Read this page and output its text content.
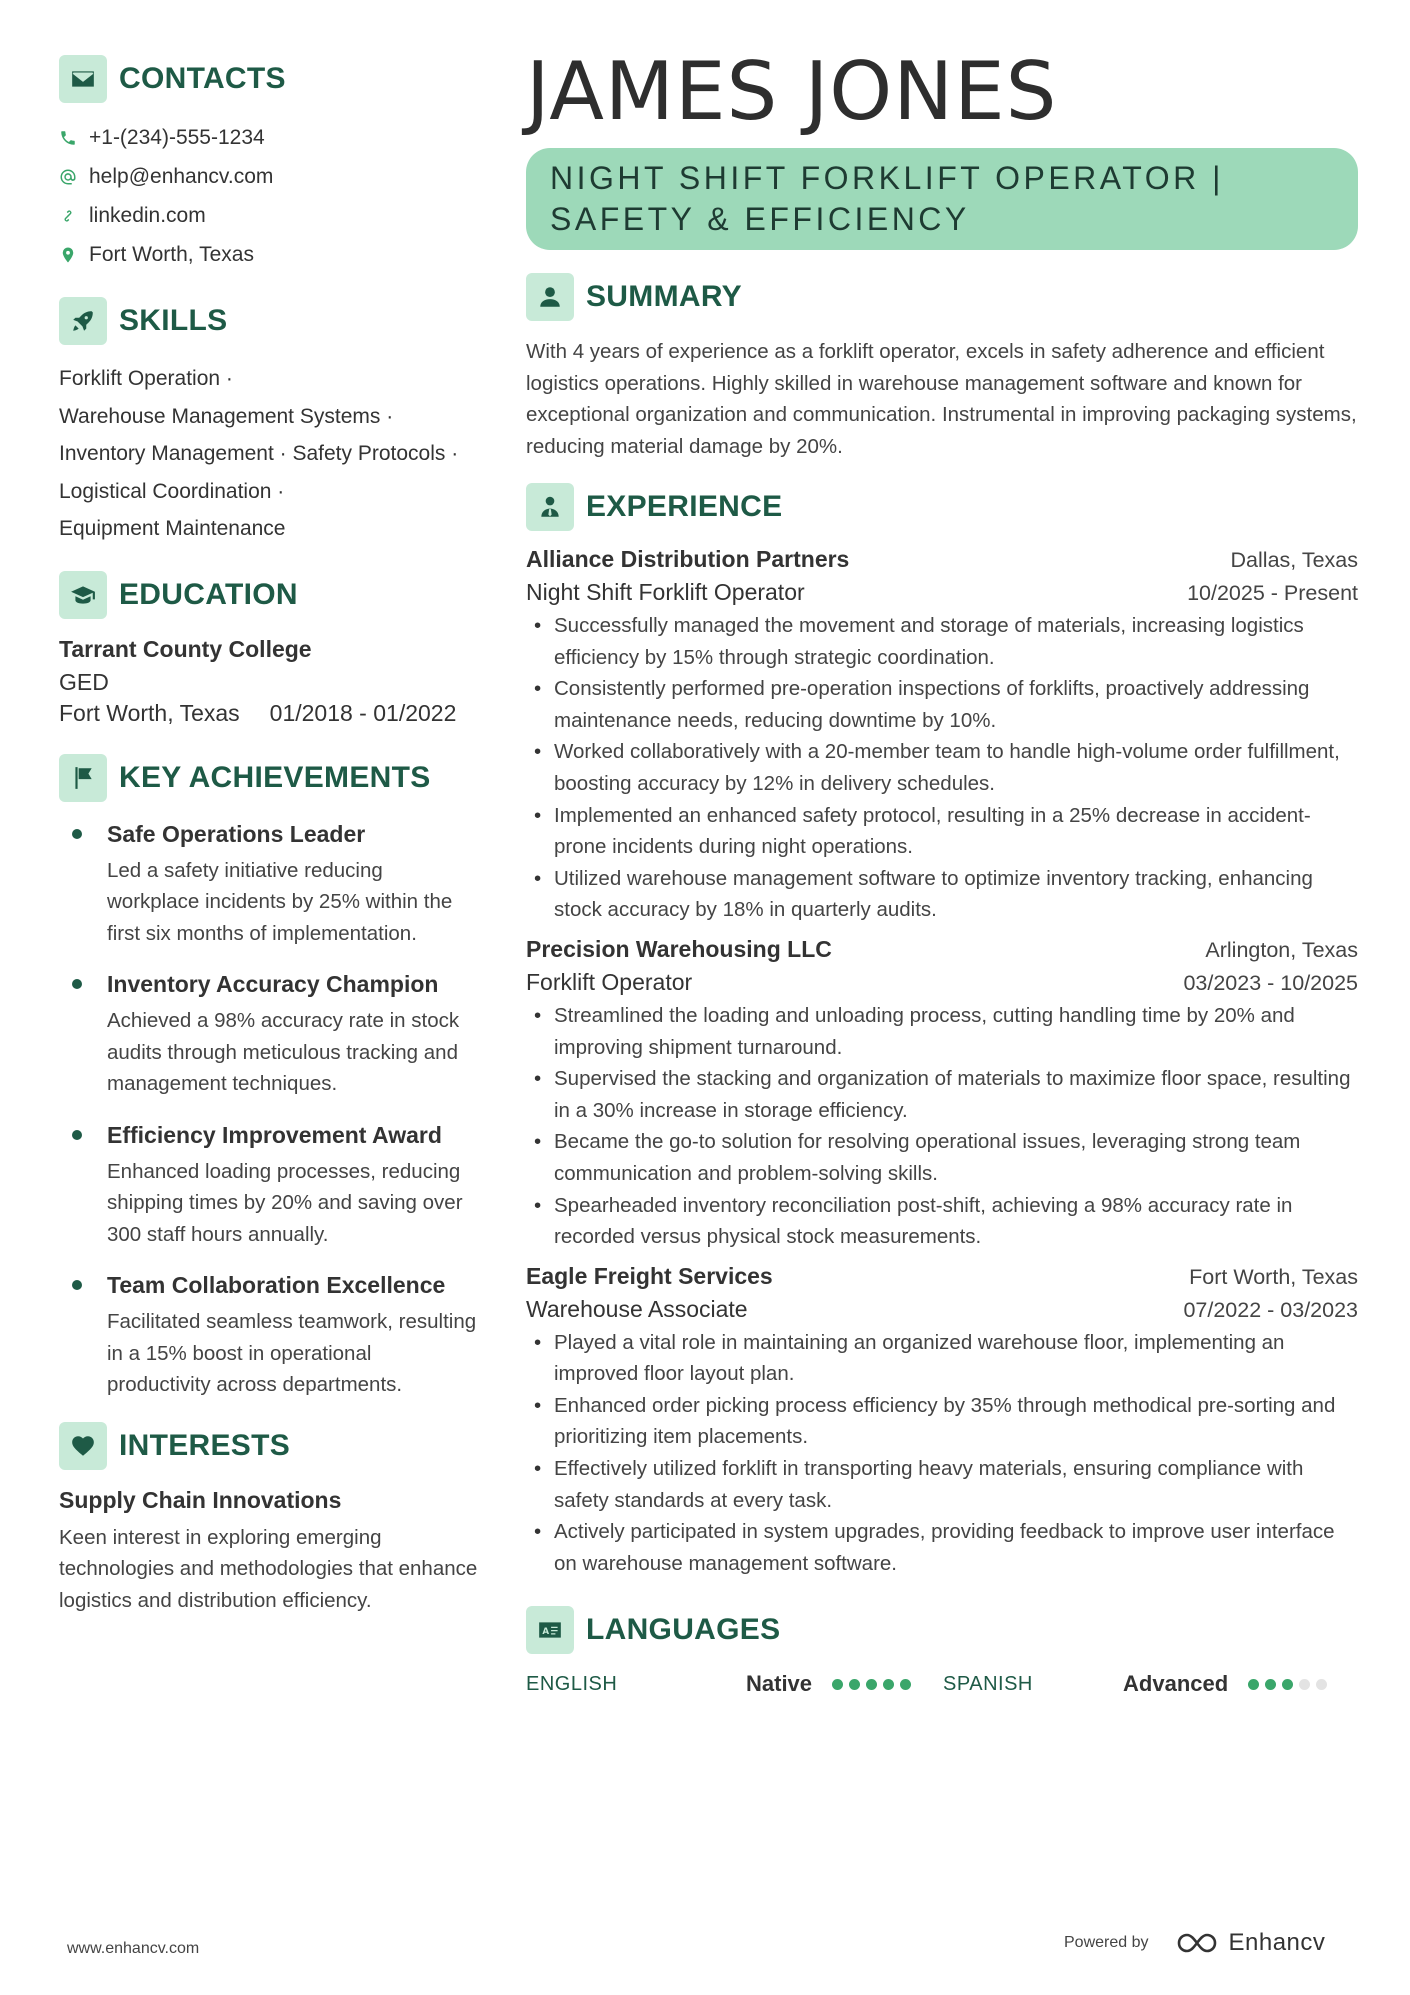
CONTACTS
+1-(234)-555-1234
help@enhancv.com
linkedin.com
Fort Worth, Texas
SKILLS
Forklift Operation ·
Warehouse Management Systems ·
Inventory Management · Safety Protocols ·
Logistical Coordination ·
Equipment Maintenance
EDUCATION
Tarrant County College
GED
Fort Worth, Texas 01/2018 - 01/2022
KEY ACHIEVEMENTS
Safe Operations Leader
Led a safety initiative reducing workplace incidents by 25% within the first six months of implementation.
Inventory Accuracy Champion
Achieved a 98% accuracy rate in stock audits through meticulous tracking and management techniques.
Efficiency Improvement Award
Enhanced loading processes, reducing shipping times by 20% and saving over 300 staff hours annually.
Team Collaboration Excellence
Facilitated seamless teamwork, resulting in a 15% boost in operational productivity across departments.
INTERESTS
Supply Chain Innovations
Keen interest in exploring emerging technologies and methodologies that enhance logistics and distribution efficiency.
JAMES JONES
NIGHT SHIFT FORKLIFT OPERATOR | SAFETY & EFFICIENCY
SUMMARY
With 4 years of experience as a forklift operator, excels in safety adherence and efficient logistics operations. Highly skilled in warehouse management software and known for exceptional organization and communication. Instrumental in improving packaging systems, reducing material damage by 20%.
EXPERIENCE
Alliance Distribution Partners	Dallas, Texas
Night Shift Forklift Operator	10/2025 - Present
• Successfully managed the movement and storage of materials, increasing logistics efficiency by 15% through strategic coordination.
• Consistently performed pre-operation inspections of forklifts, proactively addressing maintenance needs, reducing downtime by 10%.
• Worked collaboratively with a 20-member team to handle high-volume order fulfillment, boosting accuracy by 12% in delivery schedules.
• Implemented an enhanced safety protocol, resulting in a 25% decrease in accident-prone incidents during night operations.
• Utilized warehouse management software to optimize inventory tracking, enhancing stock accuracy by 18% in quarterly audits.
Precision Warehousing LLC	Arlington, Texas
Forklift Operator	03/2023 - 10/2025
• Streamlined the loading and unloading process, cutting handling time by 20% and improving shipment turnaround.
• Supervised the stacking and organization of materials to maximize floor space, resulting in a 30% increase in storage efficiency.
• Became the go-to solution for resolving operational issues, leveraging strong team communication and problem-solving skills.
• Spearheaded inventory reconciliation post-shift, achieving a 98% accuracy rate in recorded versus physical stock measurements.
Eagle Freight Services	Fort Worth, Texas
Warehouse Associate	07/2022 - 03/2023
• Played a vital role in maintaining an organized warehouse floor, implementing an improved floor layout plan.
• Enhanced order picking process efficiency by 35% through methodical pre-sorting and prioritizing item placements.
• Effectively utilized forklift in transporting heavy materials, ensuring compliance with safety standards at every task.
• Actively participated in system upgrades, providing feedback to improve user interface on warehouse management software.
A LANGUAGES
ENGLISH	Native	SPANISH	Advanced
www.enhancv.com	Powered by	Enhancv
